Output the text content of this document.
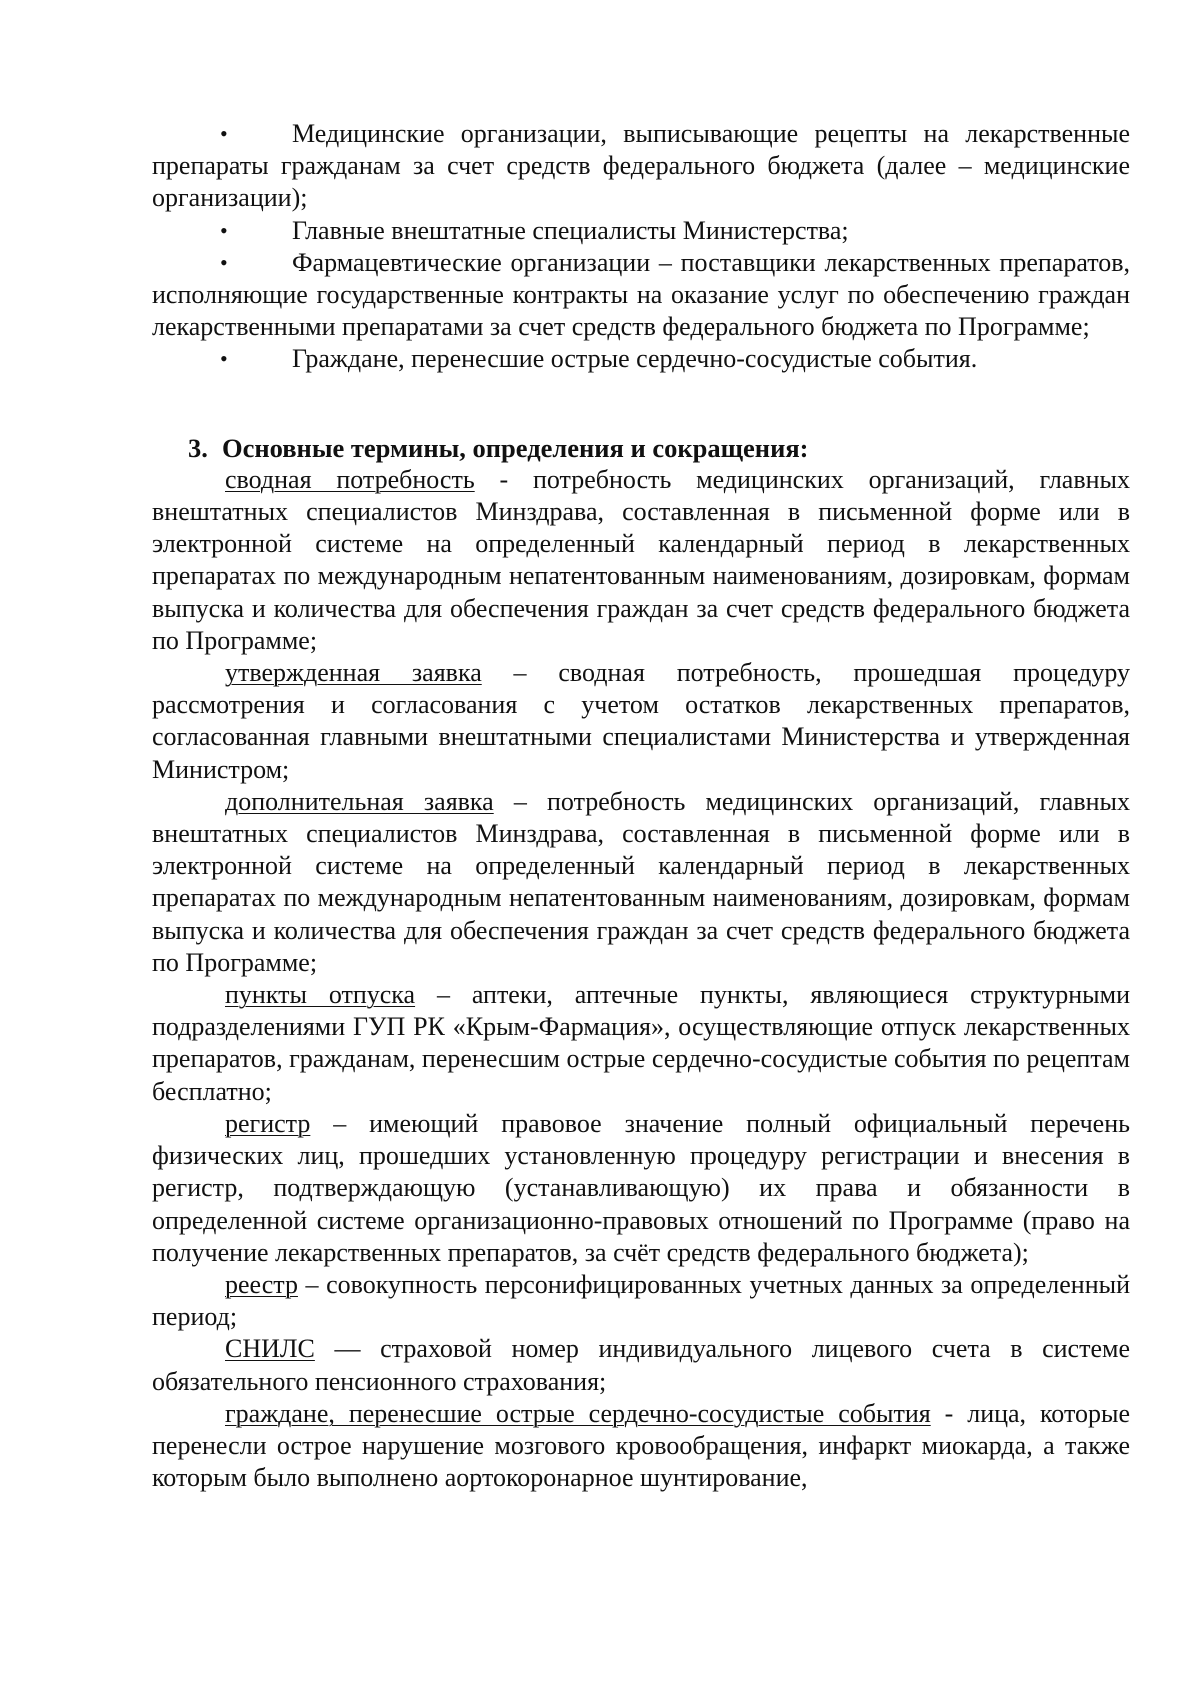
• Медицинские организации, выписывающие рецепты на лекарственные препараты гражданам за счет средств федерального бюджета (далее – медицинские организации);

• Главные внештатные специалисты Министерства;

• Фармацевтические организации – поставщики лекарственных препаратов, исполняющие государственные контракты на оказание услуг по обеспечению граждан лекарственными препаратами за счет средств федерального бюджета по Программе;

• Граждане, перенесшие острые сердечно-сосудистые события.

3. Основные термины, определения и сокращения:

сводная потребность - потребность медицинских организаций, главных внештатных специалистов Минздрава, составленная в письменной форме или в электронной системе на определенный календарный период в лекарственных препаратах по международным непатентованным наименованиям, дозировкам, формам выпуска и количества для обеспечения граждан за счет средств федерального бюджета по Программе;

утвержденная заявка – сводная потребность, прошедшая процедуру рассмотрения и согласования с учетом остатков лекарственных препаратов, согласованная главными внештатными специалистами Министерства и утвержденная Министром;

дополнительная заявка – потребность медицинских организаций, главных внештатных специалистов Минздрава, составленная в письменной форме или в электронной системе на определенный календарный период в лекарственных препаратах по международным непатентованным наименованиям, дозировкам, формам выпуска и количества для обеспечения граждан за счет средств федерального бюджета по Программе;

пункты отпуска – аптеки, аптечные пункты, являющиеся структурными подразделениями ГУП РК «Крым-Фармация», осуществляющие отпуск лекарственных препаратов, гражданам, перенесшим острые сердечно-сосудистые события по рецептам бесплатно;

регистр – имеющий правовое значение полный официальный перечень физических лиц, прошедших установленную процедуру регистрации и внесения в регистр, подтверждающую (устанавливающую) их права и обязанности в определенной системе организационно-правовых отношений по Программе (право на получение лекарственных препаратов, за счёт средств федерального бюджета);

реестр – совокупность персонифицированных учетных данных за определенный период;

СНИЛС — страховой номер индивидуального лицевого счета в системе обязательного пенсионного страхования;

граждане, перенесшие острые сердечно-сосудистые события - лица, которые перенесли острое нарушение мозгового кровообращения, инфаркт миокарда, а также которым было выполнено аортокоронарное шунтирование,
